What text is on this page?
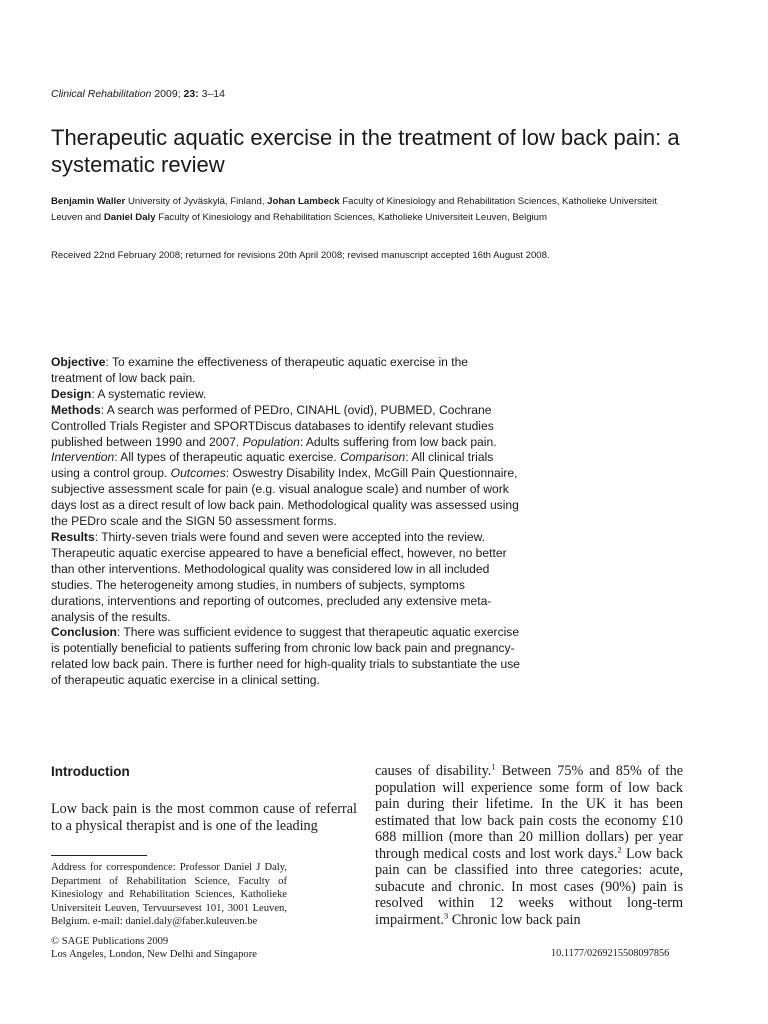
Clinical Rehabilitation 2009; 23: 3–14
Therapeutic aquatic exercise in the treatment of low back pain: a systematic review
Benjamin Waller University of Jyväskylä, Finland, Johan Lambeck Faculty of Kinesiology and Rehabilitation Sciences, Katholieke Universiteit Leuven and Daniel Daly Faculty of Kinesiology and Rehabilitation Sciences, Katholieke Universiteit Leuven, Belgium
Received 22nd February 2008; returned for revisions 20th April 2008; revised manuscript accepted 16th August 2008.

Objective: To examine the effectiveness of therapeutic aquatic exercise in the treatment of low back pain.

Design: A systematic review.

Methods: A search was performed of PEDro, CINAHL (ovid), PUBMED, Cochrane Controlled Trials Register and SPORTDiscus databases to identify relevant studies published between 1990 and 2007. Population: Adults suffering from low back pain. Intervention: All types of therapeutic aquatic exercise. Comparison: All clinical trials using a control group. Outcomes: Oswestry Disability Index, McGill Pain Questionnaire, subjective assessment scale for pain (e.g. visual analogue scale) and number of work days lost as a direct result of low back pain. Methodological quality was assessed using the PEDro scale and the SIGN 50 assessment forms.

Results: Thirty-seven trials were found and seven were accepted into the review. Therapeutic aquatic exercise appeared to have a beneficial effect, however, no better than other interventions. Methodological quality was considered low in all included studies. The heterogeneity among studies, in numbers of subjects, symptoms durations, interventions and reporting of outcomes, precluded any extensive meta-analysis of the results.

Conclusion: There was sufficient evidence to suggest that therapeutic aquatic exercise is potentially beneficial to patients suffering from chronic low back pain and pregnancy-related low back pain. There is further need for high-quality trials to substantiate the use of therapeutic aquatic exercise in a clinical setting.

Introduction
Low back pain is the most common cause of referral to a physical therapist and is one of the leading
causes of disability.$^1$ Between 75% and 85% of the population will experience some form of low back pain during their lifetime. In the UK it has been estimated that low back pain costs the economy £10 688 million (more than 20 million dollars) per year through medical costs and lost work days.$^2$ Low back pain can be classified into three categories: acute, subacute and chronic. In most cases (90%) pain is resolved within 12 weeks without long-term impairment.$^3$ Chronic low back pain
Address for correspondence: Professor Daniel J Daly, Department of Rehabilitation Science, Faculty of Kinesiology and Rehabilitation Sciences, Katholieke Universiteit Leuven, Tervuursevest 101, 3001 Leuven, Belgium. e-mail: daniel.daly@faber.kuleuven.be
© SAGE Publications 2009
Los Angeles, London, New Delhi and Singapore	10.1177/0269215508097856
